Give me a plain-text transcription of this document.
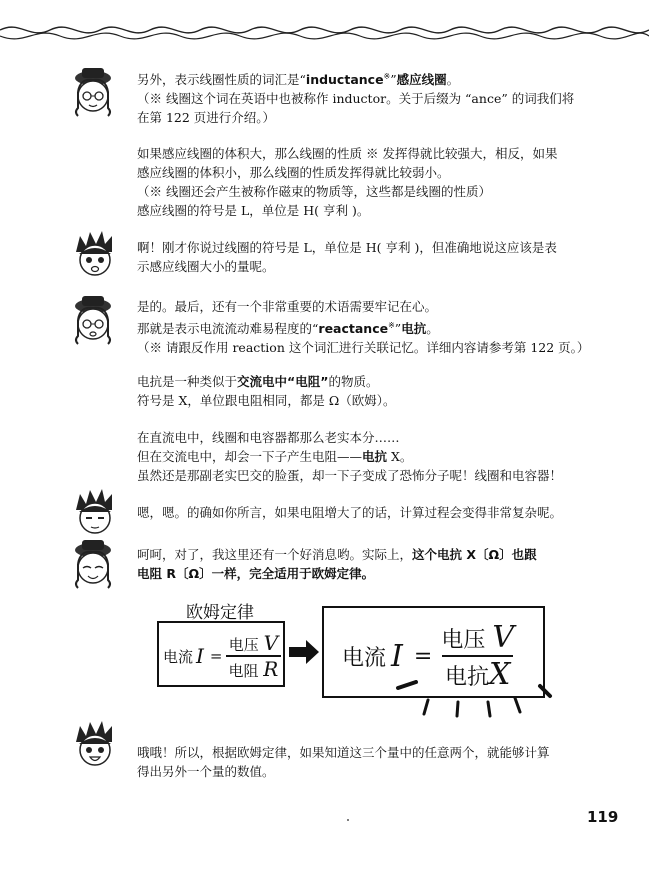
另外，表示线圈性质的词汇是“inductance※”感应线圈。

（※ 线圈这个词在英语中也被称作 inductor。关于后缀为 “ance” 的词我们将

在第 122 页进行介绍。）

如果感应线圈的体积大，那么线圈的性质 ※ 发挥得就比较强大，相反，如果

感应线圈的体积小，那么线圈的性质发挥得就比较弱小。

（※ 线圈还会产生被称作磁束的物质等，这些都是线圈的性质）

感应线圈的符号是 L，单位是 H( 亨利 )。

啊！刚才你说过线圈的符号是 L，单位是 H( 亨利 )，但准确地说这应该是表

示感应线圈大小的量呢。

是的。最后，还有一个非常重要的术语需要牢记在心。

那就是表示电流流动难易程度的“reactance※”电抗。

（※ 请跟反作用 reaction 这个词汇进行关联记忆。详细内容请参考第 122 页。）

电抗是一种类似于交流电中“电阻”的物质。

符号是 X，单位跟电阻相同，都是 Ω（欧姆）。

在直流电中，线圈和电容器都那么老实本分……

但在交流电中，却会一下子产生电阻——电抗 X。

虽然还是那副老实巴交的脸蛋，却一下子变成了恐怖分子呢！线圈和电容器！

嗯，嗯。的确如你所言，如果电阻增大了的话，计算过程会变得非常复杂呢。

呵呵，对了，我这里还有一个好消息哟。实际上，这个电抗 X〔Ω〕也跟

电阻 R〔Ω〕一样，完全适用于欧姆定律。

哦哦！所以，根据欧姆定律，如果知道这三个量中的任意两个，就能够计算

得出另外一个量的数值。

欧姆定律
电流 $I = \frac{\text{电压 V}}{\text{电阻 R}}$	电流 $I = \frac{\text{电压 V}}{\text{电抗X}}$
119
